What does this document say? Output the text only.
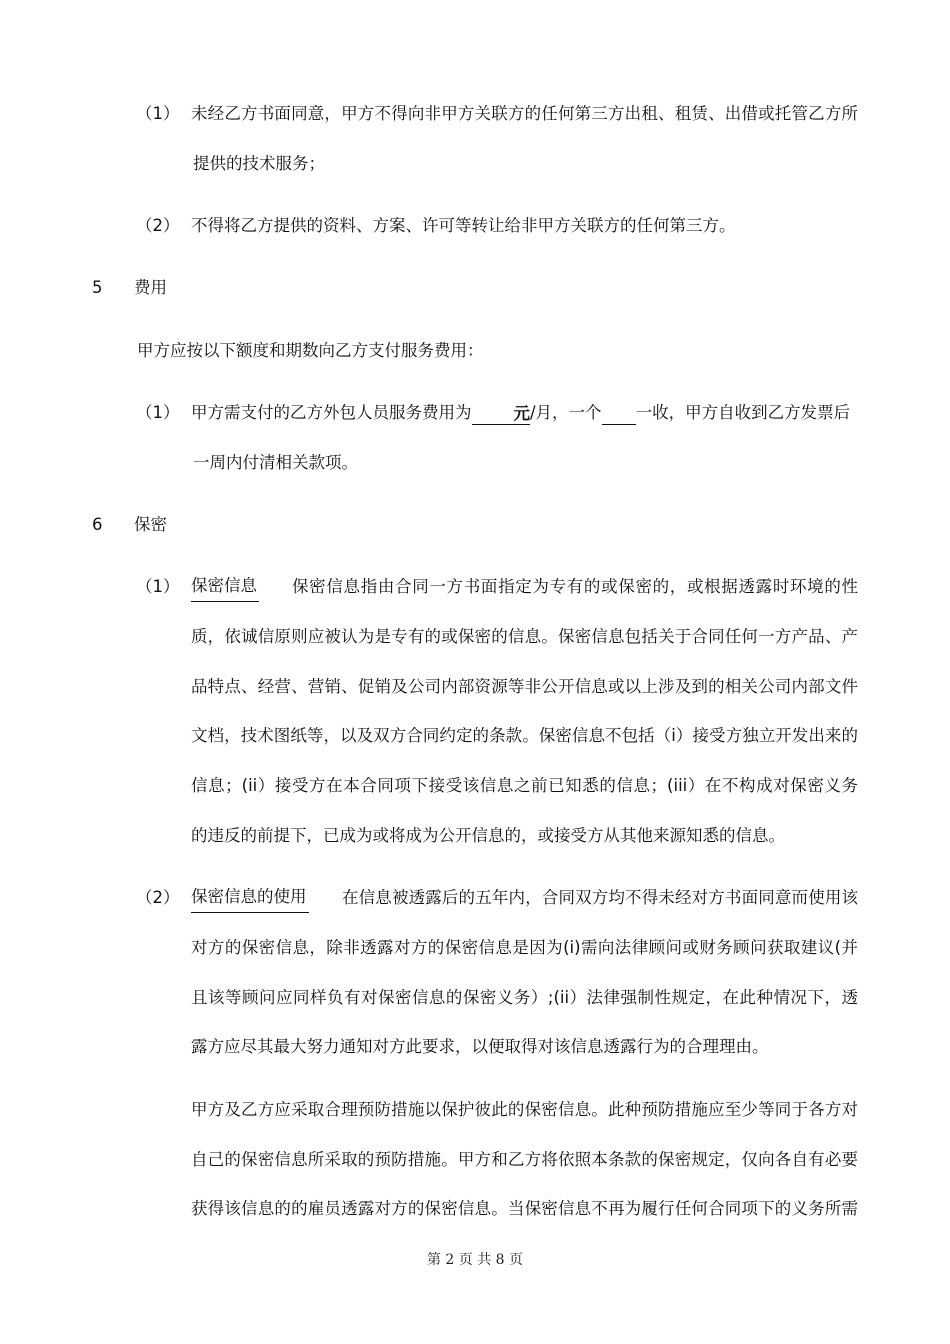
（1） 未经乙方书面同意，甲方不得向非甲方关联方的任何第三方出租、租赁、出借或托管乙方所
提供的技术服务；
（2） 不得将乙方提供的资料、方案、许可等转让给非甲方关联方的任何第三方。
5 费用
甲方应按以下额度和期数向乙方支付服务费用：
（1） 甲方需支付的乙方外包人员服务费用为	元 /月，一个 一收，甲方自收到乙方发票后
一周内付清相关款项。
6 保密
（1） 保密信息 保密信息指由合同一方书面指定为专有的或保密的，或根据透露时环境的性
质，依诚信原则应被认为是专有的或保密的信息。保密信息包括关于合同任何一方产品、产
品特点、经营、营销、促销及公司内部资源等非公开信息或以上涉及到的相关公司内部文件
文档，技术图纸等，以及双方合同约定的条款。保密信息不包括（i）接受方独立开发出来的
信息；(ii）接受方在本合同项下接受该信息之前已知悉的信息；(iii）在不构成对保密义务
的违反的前提下，已成为或将成为公开信息的，或接受方从其他来源知悉的信息。
（2） 保密信息的使用 在信息被透露后的五年内，合同双方均不得未经对方书面同意而使用该
对方的保密信息，除非透露对方的保密信息是因为(i)需向法律顾问或财务顾问获取建议(并
且该等顾问应同样负有对保密信息的保密义务）;(ii）法律强制性规定，在此种情况下，透
露方应尽其最大努力通知对方此要求，以便取得对该信息透露行为的合理理由。
甲方及乙方应采取合理预防措施以保护彼此的保密信息。此种预防措施应至少等同于各方对
自己的保密信息所采取的预防措施。甲方和乙方将依照本条款的保密规定，仅向各自有必要
获得该信息的的雇员透露对方的保密信息。当保密信息不再为履行任何合同项下的义务所需
第 2 页 共 8 页
